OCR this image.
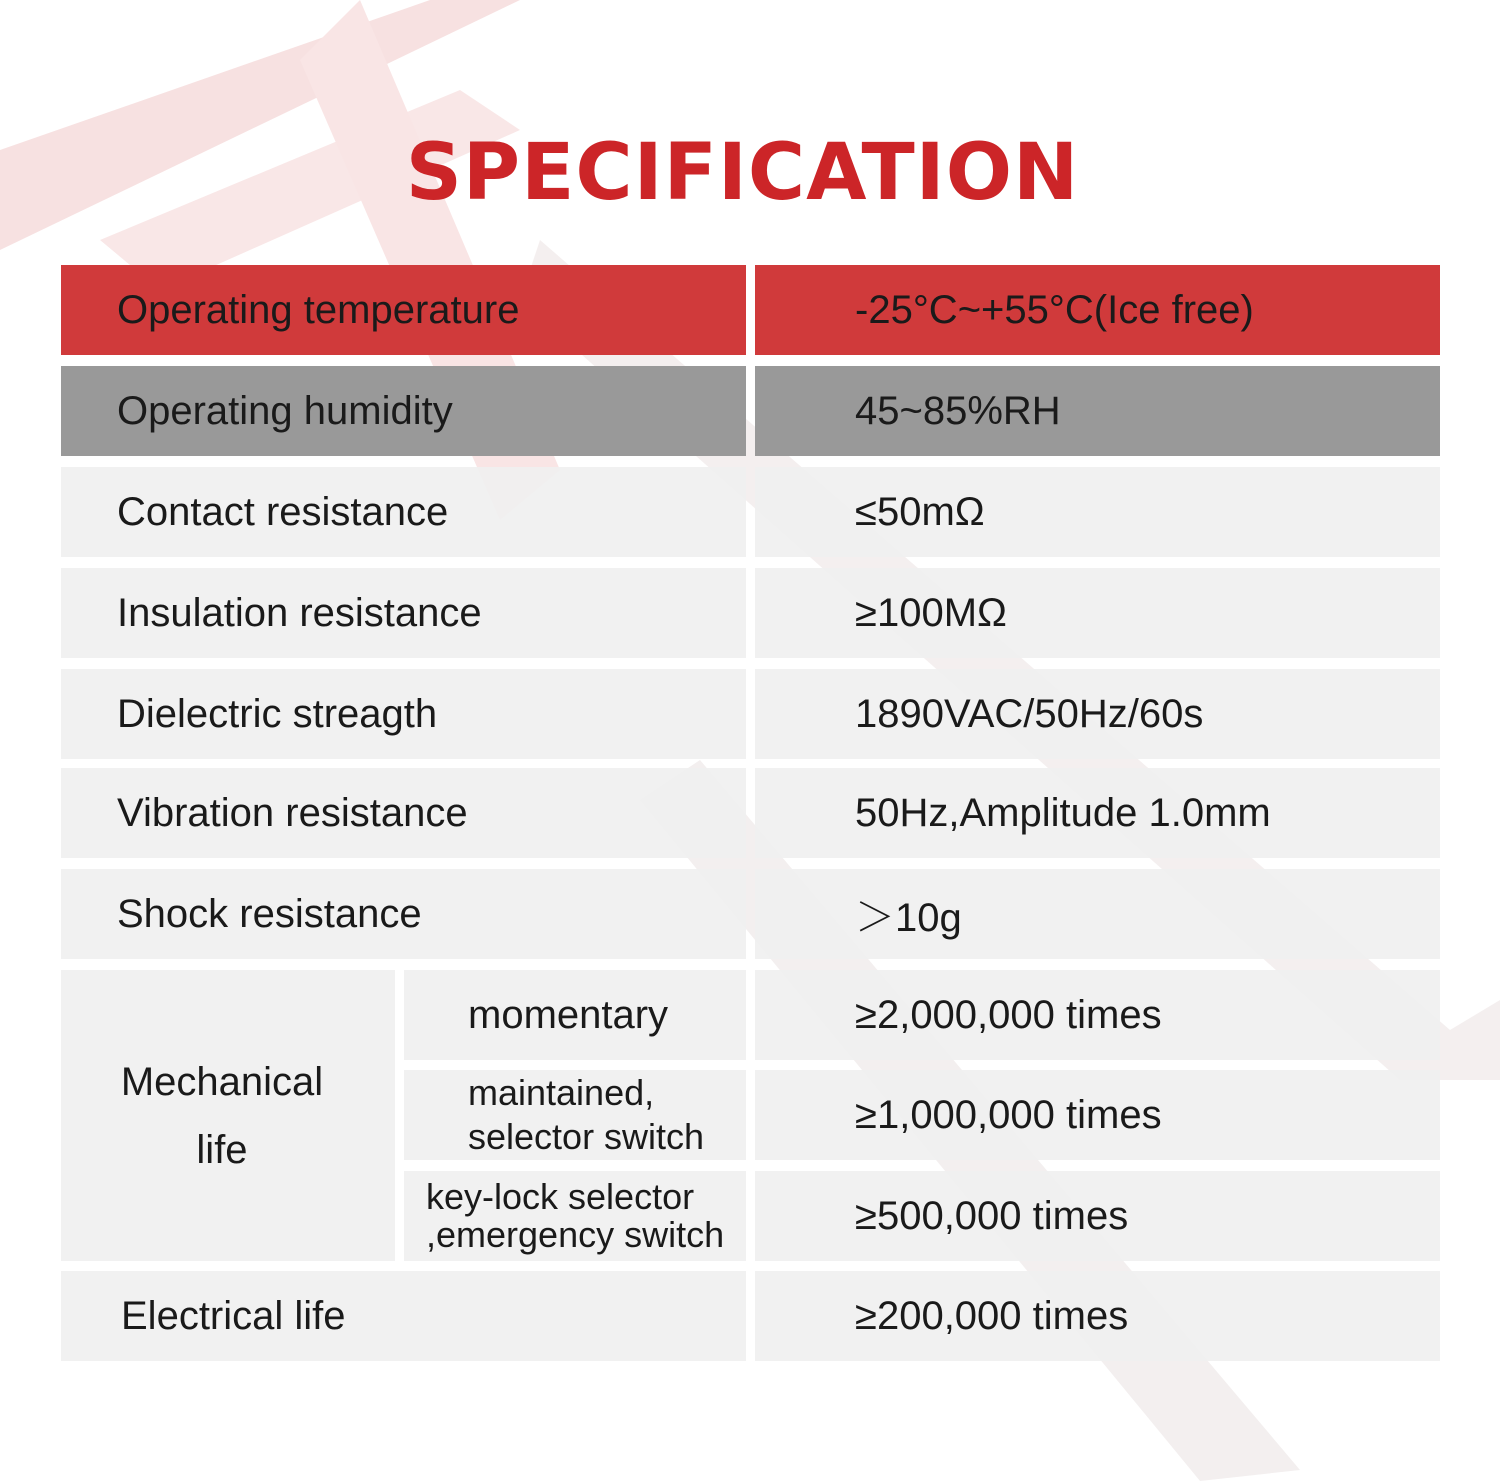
SPECIFICATION
Operating temperature	-25°C~+55°C(Ice free)
Operating humidity	45~85%RH
Contact resistance	≤50mΩ
Insulation resistance	≥100MΩ
Dielectric streagth	1890VAC/50Hz/60s
Vibration resistance	50Hz,Amplitude 1.0mm
Shock resistance	＞10g
Mechanical
life
momentary	≥2,000,000 times
maintained,
selector switch	≥1,000,000 times
key-lock selector
,emergency switch	≥500,000 times
Electrical life	≥200,000 times
